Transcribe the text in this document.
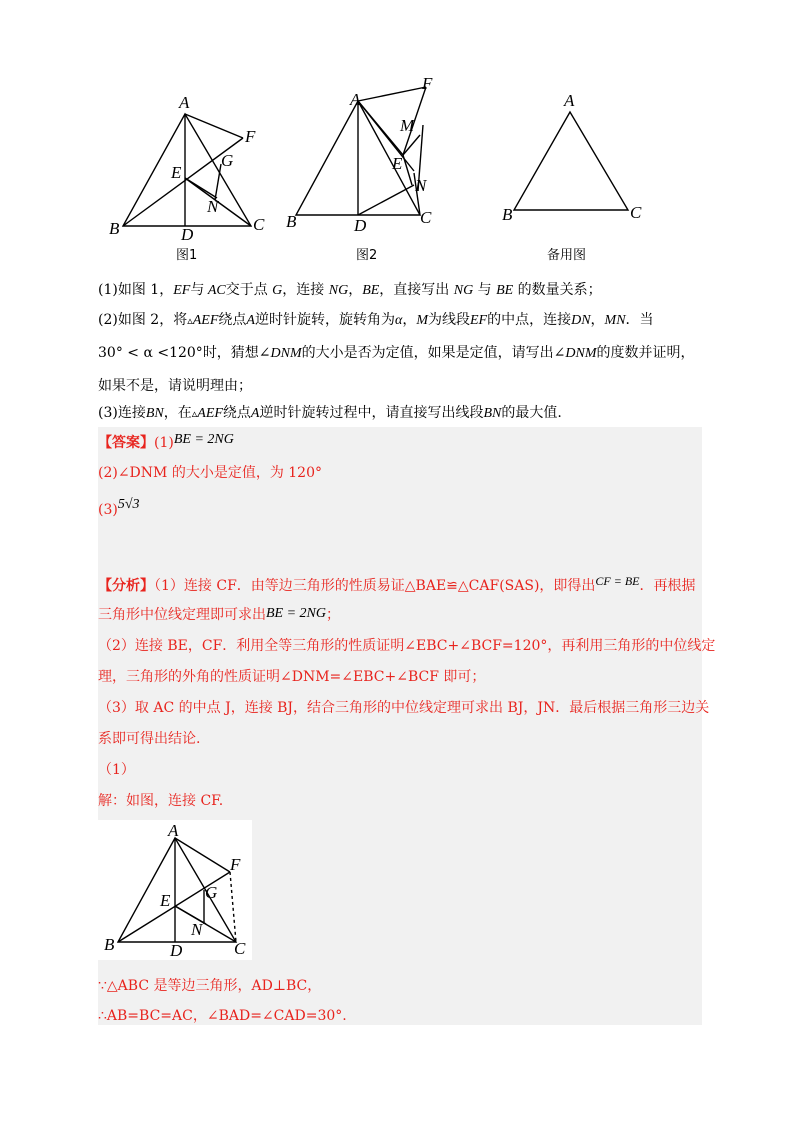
A
F
G
E
N
B	D
C
图1
A
F
M
E
N
B	D	C
图2
A
B	C
备用图
(1)如图 1，EF与 AC交于点 G，连接 NG，BE，直接写出 NG 与 BE 的数量关系；
(2)如图 2，将▵AEF绕点A逆时针旋转，旋转角为α，M为线段EF的中点，连接DN，MN．当
30° < α <120°时，猜想∠DNM的大小是否为定值，如果是定值，请写出∠DNM的度数并证明，
如果不是，请说明理由；
(3)连接BN，在▵AEF绕点A逆时针旋转过程中，请直接写出线段BN的最大值.
【答案】(1)BE = 2NG
(2)∠DNM 的大小是定值，为 120°
(3)5√3
【分析】（1）连接 CF．由等边三角形的性质易证△BAE≌△CAF(SAS)，即得出CF = BE．再根据
三角形中位线定理即可求出BE = 2NG；
（2）连接 BE，CF．利用全等三角形的性质证明∠EBC+∠BCF=120°，再利用三角形的中位线定
理，三角形的外角的性质证明∠DNM=∠EBC+∠BCF 即可；
（3）取 AC 的中点 J，连接 BJ，结合三角形的中位线定理可求出 BJ，JN．最后根据三角形三边关
系即可得出结论.
（1）
解：如图，连接 CF.
A
F
G
E
N
B	D	C
∵△ABC 是等边三角形，AD⊥BC，
∴AB=BC=AC，∠BAD=∠CAD=30°.
